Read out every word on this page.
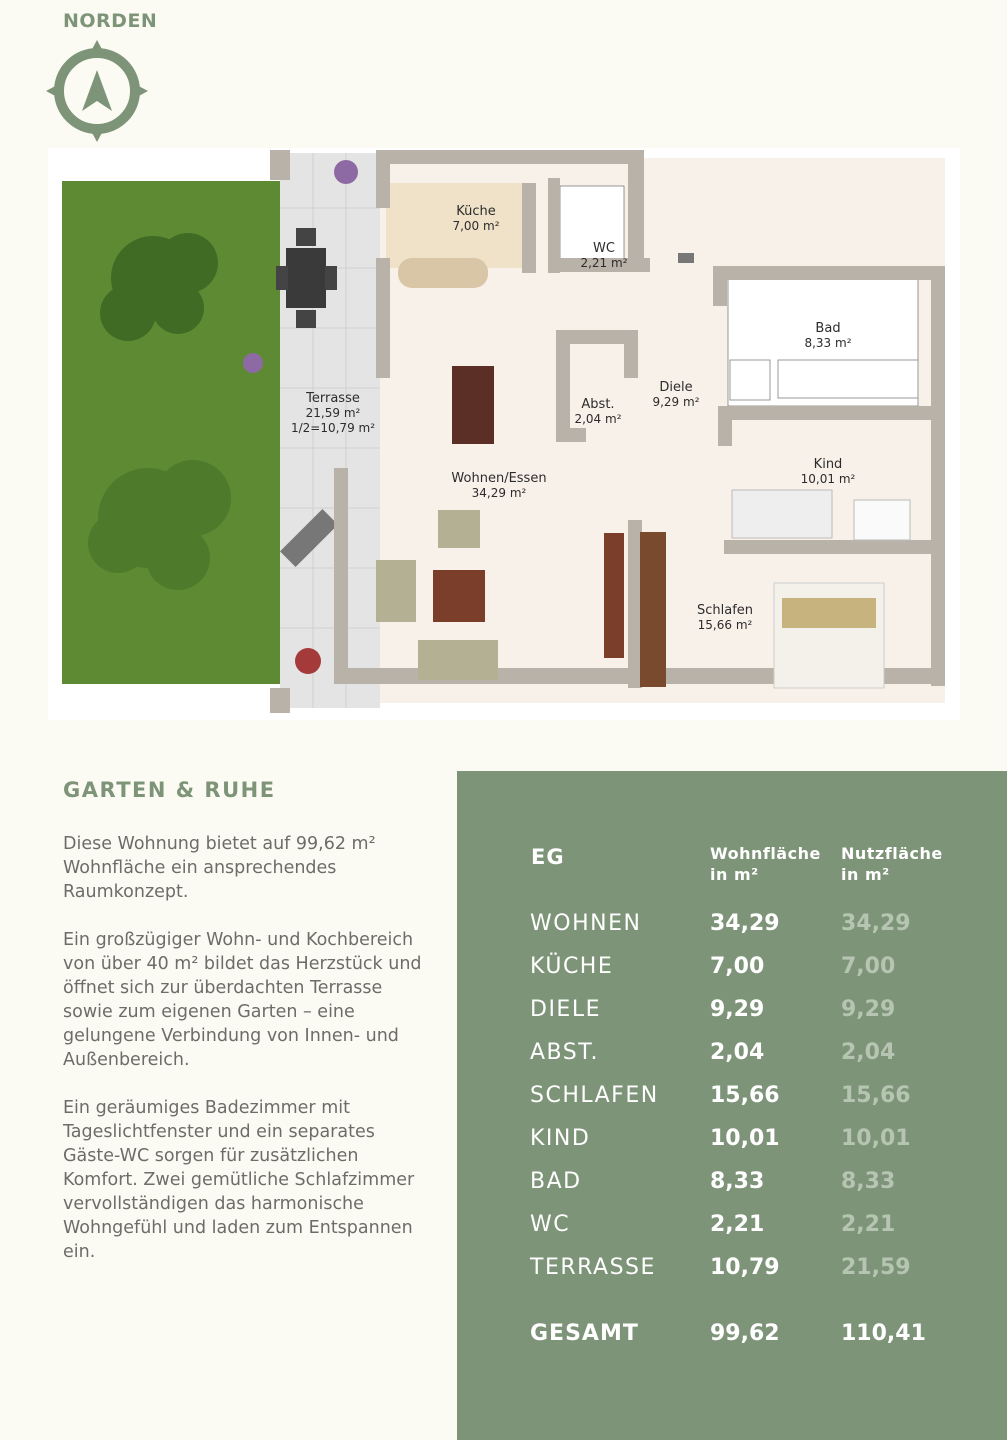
NORDEN
Küche
7,00 m²
WC
2,21 m²
Bad
8,33 m²
Terrasse
21,59 m²
1/2=10,79 m²
Dielе
9,29 m²
Abst.
2,04 m²
Wohnen/Essen
34,29 m²
Kind
10,01 m²
Schlafen
15,66 m²
GARTEN & RUHE

Diese Wohnung bietet auf 99,62 m² Wohnfläche ein ansprechendes Raumkonzept.

Ein großzügiger Wohn- und Kochbereich von über 40 m² bildet das Herzstück und öffnet sich zur überdachten Terrasse sowie zum eigenen Garten – eine gelungene Verbindung von Innen- und Außenbereich.

Ein geräumiges Badezimmer mit Tageslichtfenster und ein separates Gäste-WC sorgen für zusätzlichen Komfort. Zwei gemütliche Schlafzimmer vervollständigen das harmonische Wohngefühl und laden zum Entspannen ein.

EG	Wohnfläche
in m²
Nutzfläche
in m²
WOHNEN	34,29	34,29
KÜCHE	7,00	7,00
DIELE	9,29	9,29
ABST.	2,04	2,04
SCHLAFEN 15,66	15,66
KIND	10,01	10,01
BAD	8,33	8,33
WC	2,21	2,21
TERRASSE 10,79	21,59
GESAMT	99,62	110,41
